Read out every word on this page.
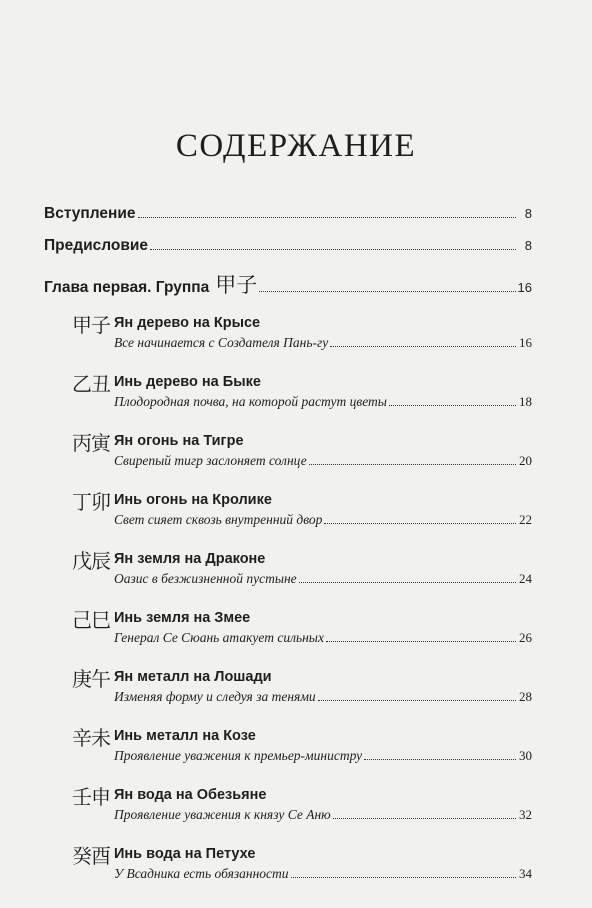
СОДЕРЖАНИЕ
Вступление	8
Предисловие	8
Глава первая. Группа 甲子	16
甲子 Ян дерево на Крысе
Все начинается с Создателя Пань-гу	16
乙丑 Инь дерево на Быке
Плодородная почва, на которой растут цветы	18
丙寅 Ян огонь на Тигре
Свирепый тигр заслоняет солнце	20
丁卯 Инь огонь на Кролике
Свет сияет сквозь внутренний двор	22
戊辰 Ян земля на Драконе
Оазис в безжизненной пустыне	24
己巳 Инь земля на Змее
Генерал Се Сюань атакует сильных	26
庚午 Ян металл на Лошади
Изменяя форму и следуя за тенями	28
辛未 Инь металл на Козе
Проявление уважения к премьер-министру	30
壬申 Ян вода на Обезьяне
Проявление уважения к князу Се Аню	32
癸酉 Инь вода на Петухе
У Всадника есть обязанности	34
